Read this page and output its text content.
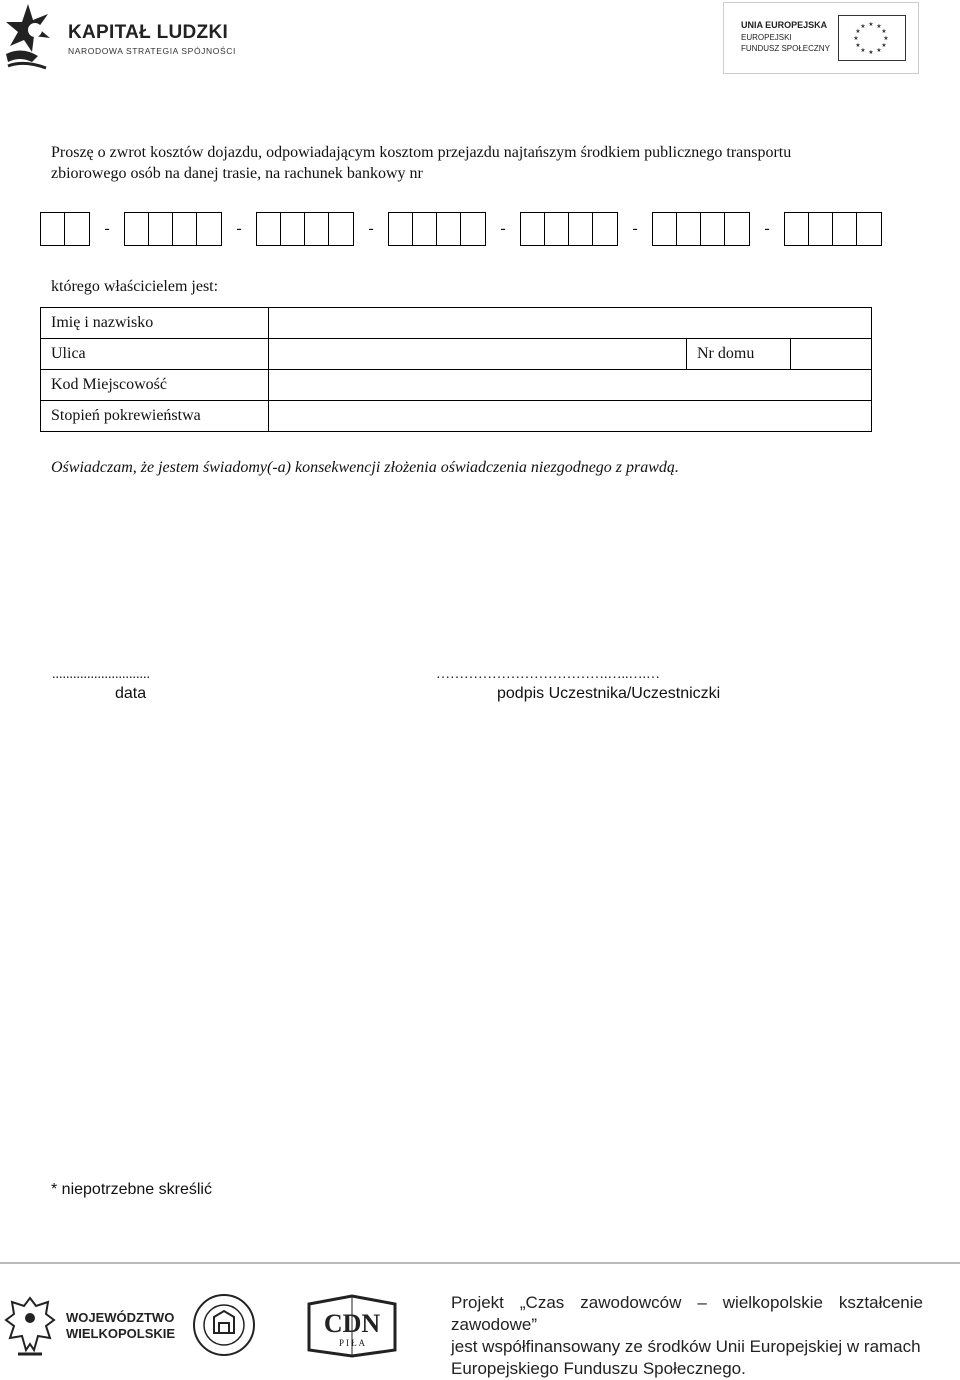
KAPITAŁ LUDZKI
NARODOWA STRATEGIA SPÓJNOŚCI
UNIA EUROPEJSKA
EUROPEJSKI
FUNDUSZ SPOŁECZNY
★ ★
★
★
★
★
★
★
★
★
★
★
Proszę o zwrot kosztów dojazdu, odpowiadającym kosztom przejazdu najtańszym środkiem publicznego transportu
zbiorowego osób na danej trasie, na rachunek bankowy nr
-	-	-	-	-	-
którego właścicielem jest:
Imię i nazwisko			
Ulica		Nr domu	
Kod Miejscowość			
Stopień pokrewieństwa			
Oświadczam, że jestem świadomy(-a) konsekwencji złożenia oświadczenia niezgodnego z prawdą.
............................
data
……………………………….…..….…
podpis Uczestnika/Uczestniczki
* niepotrzebne skreślić
WOJEWÓDZTWO
WIELKOPOLSKIE	CDN
P I Ł A
Projekt „Czas zawodowców – wielkopolskie kształcenie zawodowe”
jest współfinansowany ze środków Unii Europejskiej w ramach
Europejskiego Funduszu Społecznego.
